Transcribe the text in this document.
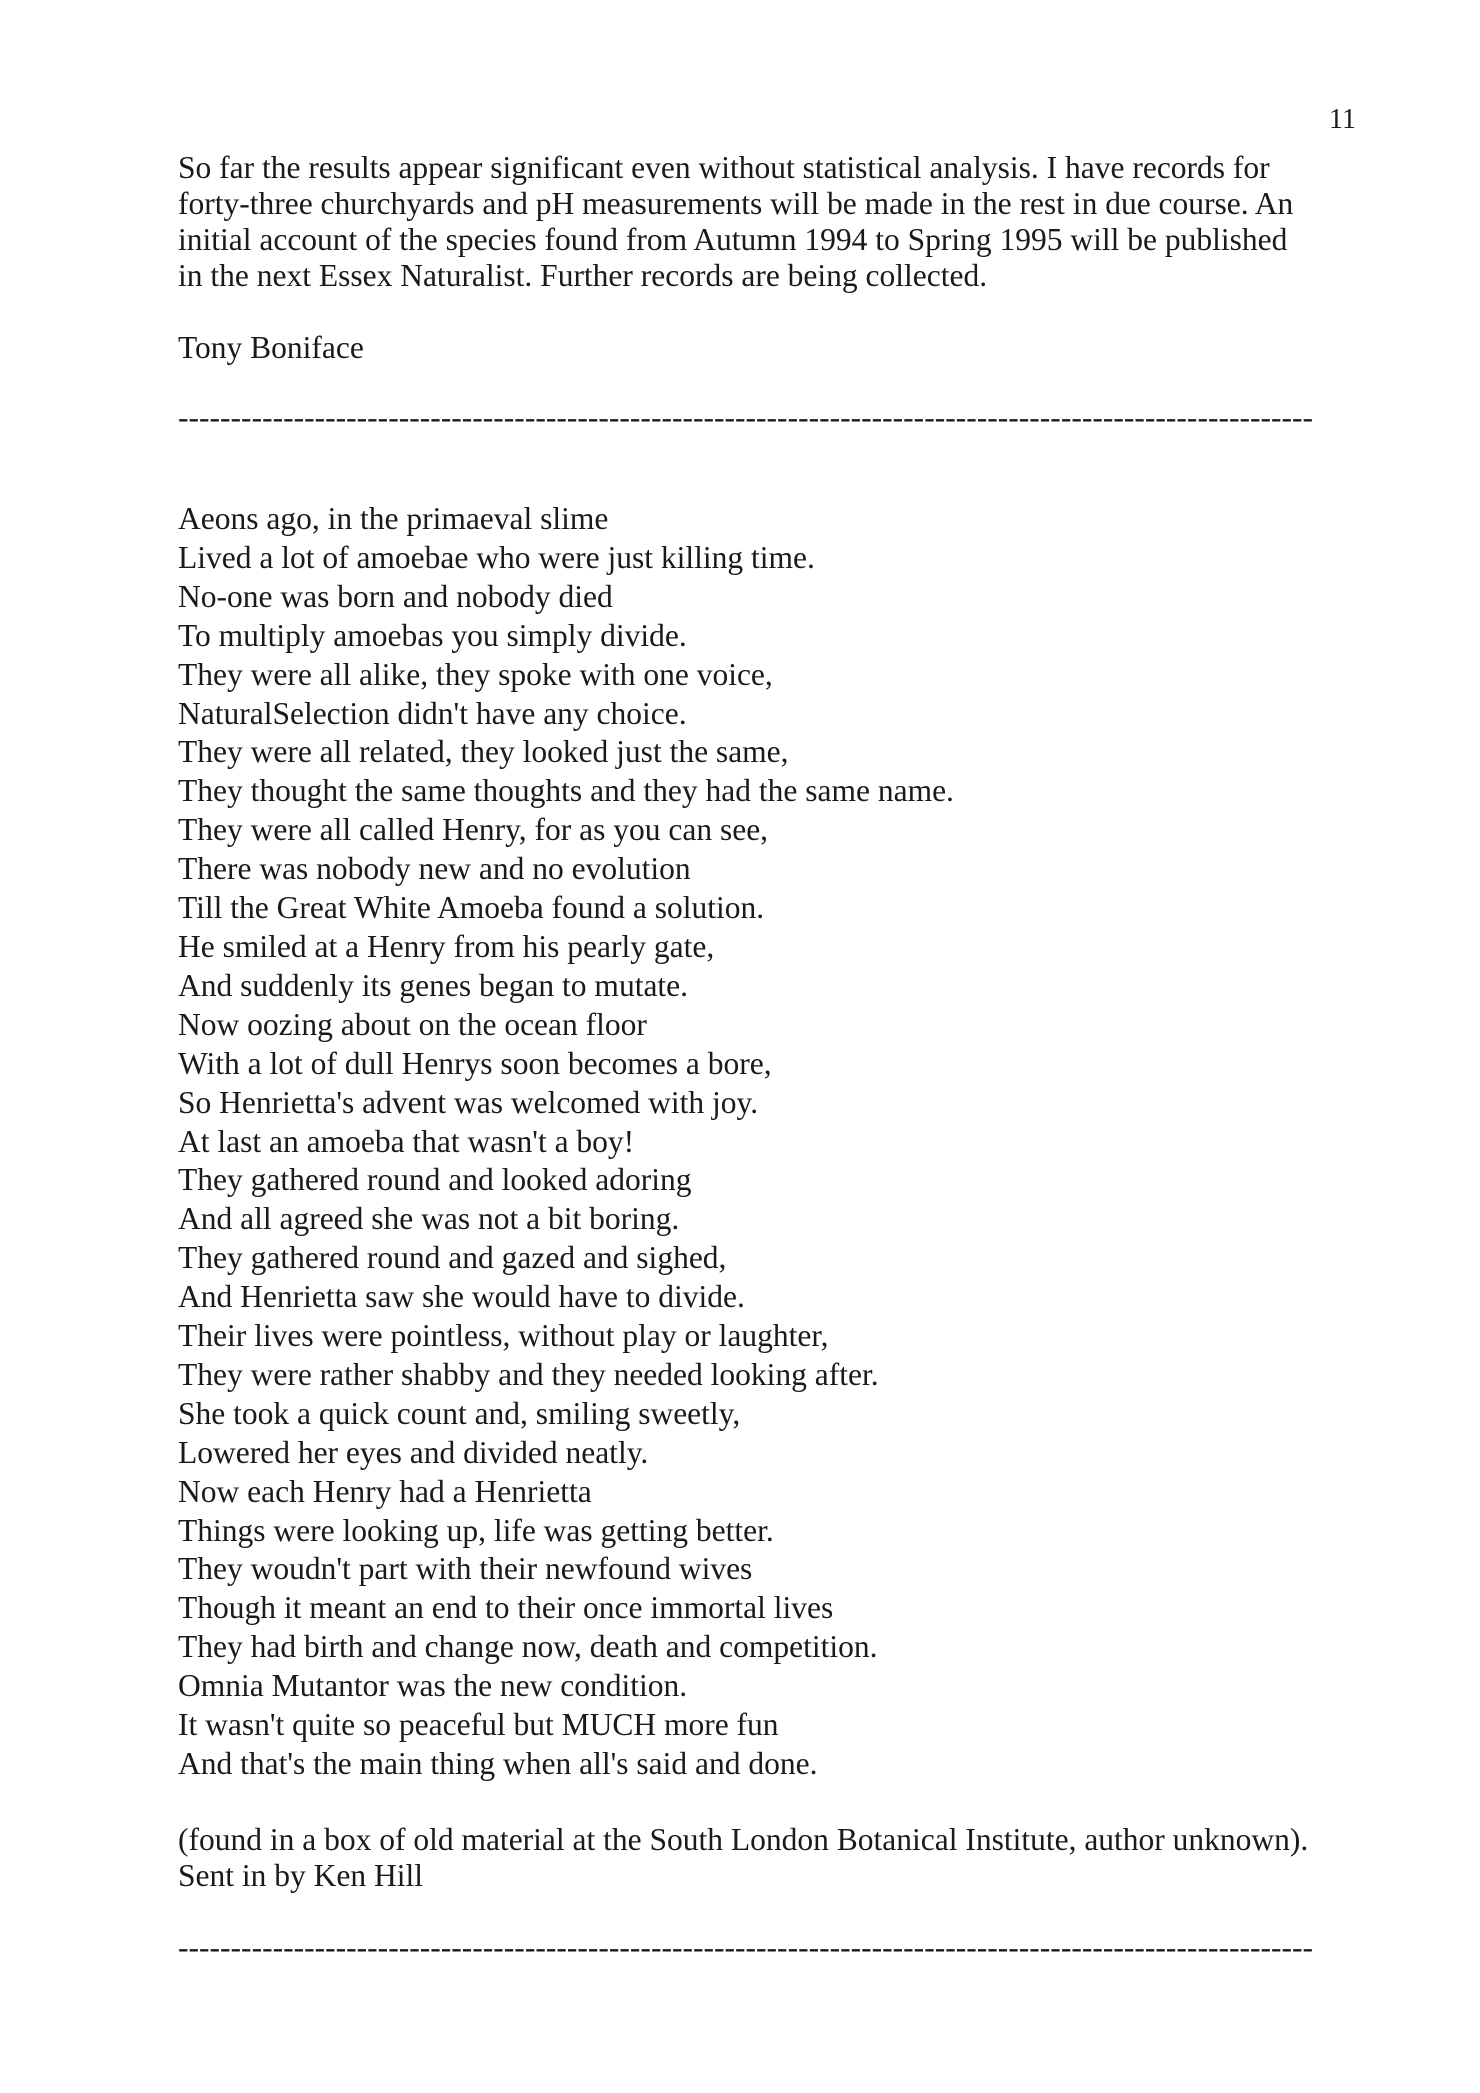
11

So far the results appear significant even without statistical analysis. I have records for

forty-three churchyards and pH measurements will be made in the rest in due course. An

initial account of the species found from Autumn 1994 to Spring 1995 will be published

in the next Essex Naturalist. Further records are being collected.

Tony Boniface

------------------------------------------------------------------------------------------------------------

Aeons ago, in the primaeval slime

Lived a lot of amoebae who were just killing time.

No-one was born and nobody died

To multiply amoebas you simply divide.

They were all alike, they spoke with one voice,

NaturalSelection didn't have any choice.

They were all related, they looked just the same,

They thought the same thoughts and they had the same name.

They were all called Henry, for as you can see,

There was nobody new and no evolution

Till the Great White Amoeba found a solution.

He smiled at a Henry from his pearly gate,

And suddenly its genes began to mutate.

Now oozing about on the ocean floor

With a lot of dull Henrys soon becomes a bore,

So Henrietta's advent was welcomed with joy.

At last an amoeba that wasn't a boy!

They gathered round and looked adoring

And all agreed she was not a bit boring.

They gathered round and gazed and sighed,

And Henrietta saw she would have to divide.

Their lives were pointless, without play or laughter,

They were rather shabby and they needed looking after.

She took a quick count and, smiling sweetly,

Lowered her eyes and divided neatly.

Now each Henry had a Henrietta

Things were looking up, life was getting better.

They woudn't part with their newfound wives

Though it meant an end to their once immortal lives

They had birth and change now, death and competition.

Omnia Mutantor was the new condition.

It wasn't quite so peaceful but MUCH more fun

And that's the main thing when all's said and done.

(found in a box of old material at the South London Botanical Institute, author unknown).

Sent in by Ken Hill

------------------------------------------------------------------------------------------------------------
